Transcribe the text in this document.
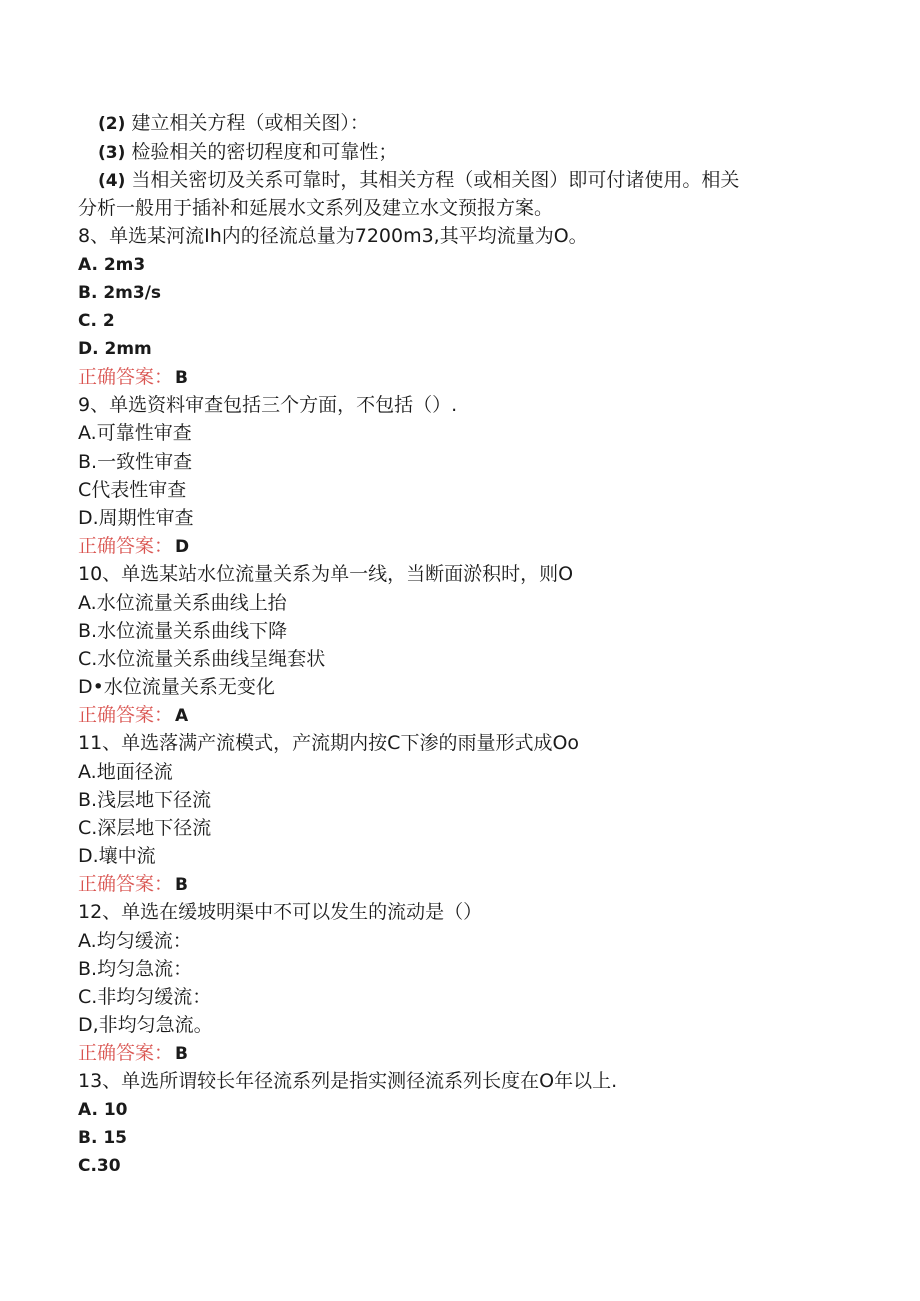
(2) 建立相关方程（或相关图）：
(3) 检验相关的密切程度和可靠性；
(4) 当相关密切及关系可靠时，其相关方程（或相关图）即可付诸使用。相关
分析一般用于插补和延展水文系列及建立水文预报方案。
8、单选某河流Ih内的径流总量为7200m3,其平均流量为O。
A. 2m3
B. 2m3/s
C. 2
D. 2mm
正确答案： B
9、单选资料审查包括三个方面，不包括（）.
A.可靠性审查
B.一致性审查
C代表性审查
D.周期性审查
正确答案： D
10、单选某站水位流量关系为单一线，当断面淤积时，则O
A.水位流量关系曲线上抬
B.水位流量关系曲线下降
C.水位流量关系曲线呈绳套状
D•水位流量关系无变化
正确答案： A
11、单选落满产流模式，产流期内按C下渗的雨量形式成Oo
A.地面径流
B.浅层地下径流
C.深层地下径流
D.壤中流
正确答案： B
12、单选在缓坡明渠中不可以发生的流动是（）
A.均匀缓流：
B.均匀急流：
C.非均匀缓流：
D,非均匀急流。
正确答案： B
13、单选所谓较长年径流系列是指实测径流系列长度在O年以上.
A. 10
B. 15
C.30
